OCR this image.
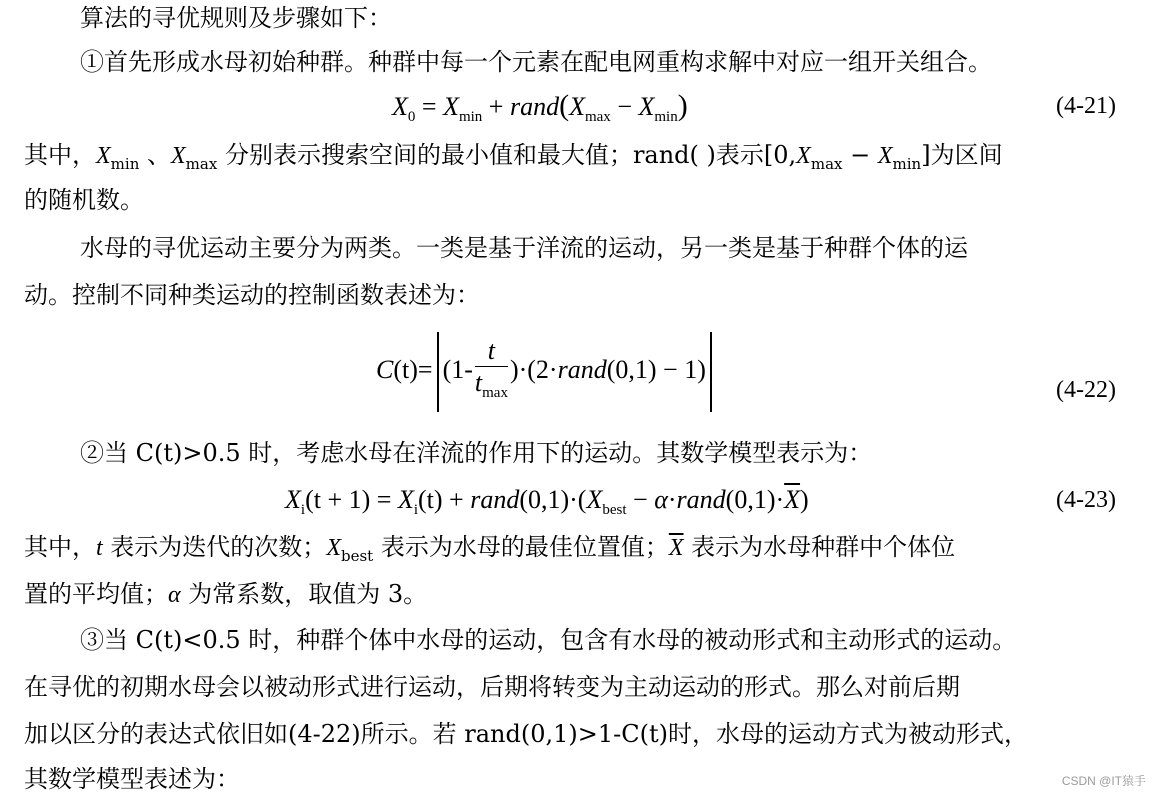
算法的寻优规则及步骤如下：
①首先形成水母初始种群。种群中每一个元素在配电网重构求解中对应一组开关组合。
$X_0 = X_{min}$ + $rand(X_{max} - X_{min})$	(4-21)
其中，$X_{min}$ 、$X_{max}$ 分别表示搜索空间的最小值和最大值；rand( )表示$[0,X_{max} - X_{min}]$为区间
的随机数。
水母的寻优运动主要分为两类。一类是基于洋流的运动，另一类是基于种群个体的运
动。控制不同种类运动的控制函数表述为：
$C(t)= (1- \frac{t}{t_{max}}$ )·(2·rand(0,1) − 1)
(4-22)
②当 C(t)>0.5 时，考虑水母在洋流的作用下的运动。其数学模型表示为：
$X_i(t + 1) = X_i(t)$ + $rand(0,1)\cdot(X_{best}$ − $\alpha\cdot rand(0,1)\cdot\overline{X}$)	(4-23)
其中，t 表示为迭代的次数；$X_{best}$ 表示为水母的最佳位置值；$\overline{X}$ 表示为水母种群中个体位
置的平均值；α 为常系数，取值为 3。
③当 C(t)<0.5 时，种群个体中水母的运动，包含有水母的被动形式和主动形式的运动。
在寻优的初期水母会以被动形式进行运动，后期将转变为主动运动的形式。那么对前后期
加以区分的表达式依旧如(4-22)所示。若 rand(0,1)>1-C(t)时，水母的运动方式为被动形式，
其数学模型表述为：	CSDN @IT猿手
